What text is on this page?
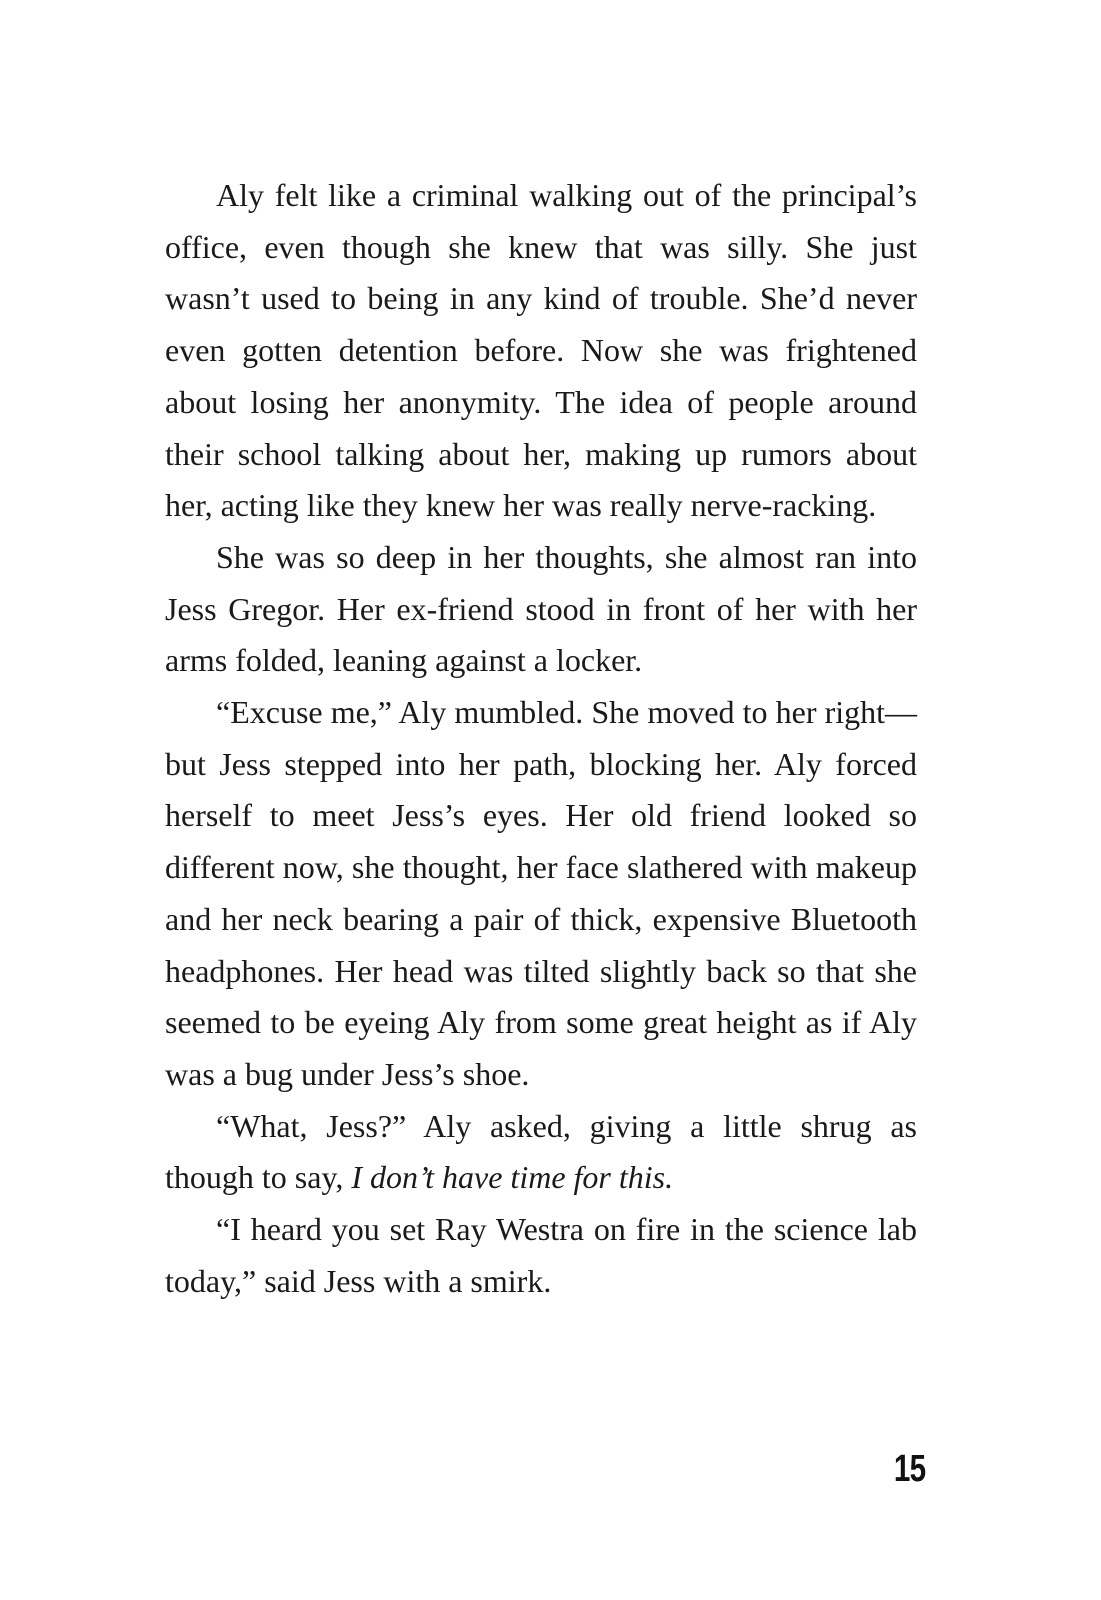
Aly felt like a criminal walking out of the principal’s office, even though she knew that was silly. She just wasn’t used to being in any kind of trouble. She’d never even gotten detention before. Now she was frightened about losing her anonymity. The idea of people around their school talking about her, making up rumors about her, acting like they knew her was really nerve-racking.

She was so deep in her thoughts, she almost ran into Jess Gregor. Her ex-friend stood in front of her with her arms folded, leaning against a locker.

“Excuse me,” Aly mumbled. She moved to her right—but Jess stepped into her path, blocking her. Aly forced herself to meet Jess’s eyes. Her old friend looked so different now, she thought, her face slathered with makeup and her neck bearing a pair of thick, expensive Bluetooth headphones. Her head was tilted slightly back so that she seemed to be eyeing Aly from some great height as if Aly was a bug under Jess’s shoe.

“What, Jess?” Aly asked, giving a little shrug as though to say, I don’t have time for this.

“I heard you set Ray Westra on fire in the science lab today,” said Jess with a smirk.

15
